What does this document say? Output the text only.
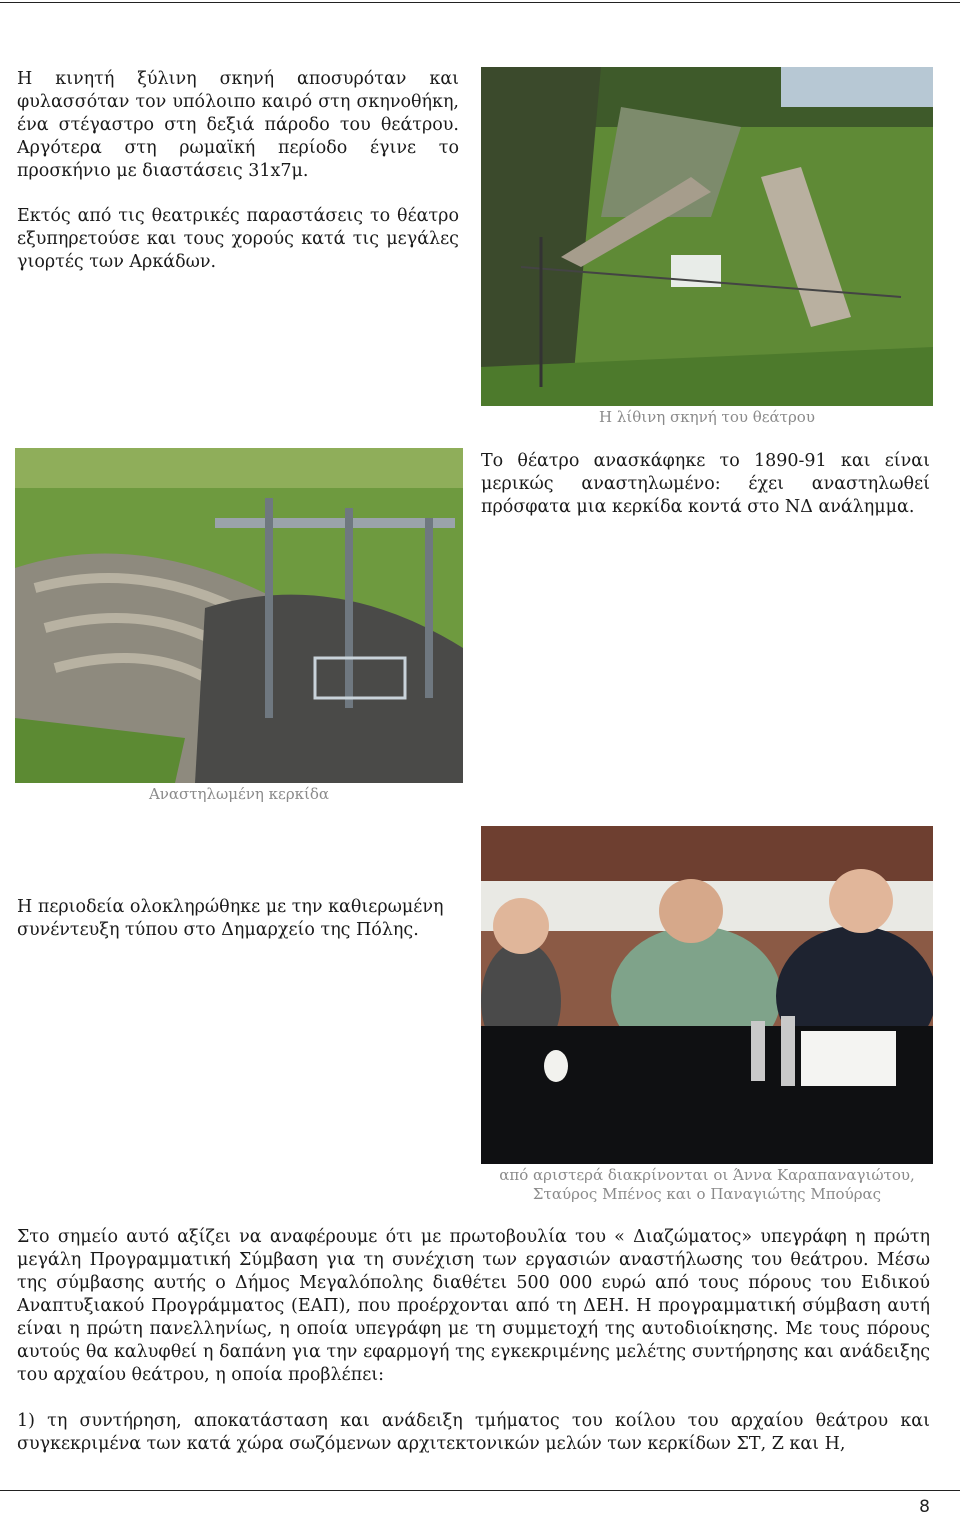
Η κινητή ξύλινη σκηνή αποσυρόταν και φυλασσόταν τον υπόλοιπο καιρό στη σκηνοθήκη, ένα στέγαστρο στη δεξιά πάροδο του θεάτρου. Αργότερα στη ρωμαϊκή περίοδο έγινε το προσκήνιο με διαστάσεις 31x7μ.

Εκτός από τις θεατρικές παραστάσεις το θέατρο εξυπηρετούσε και τους χορούς κατά τις μεγάλες γιορτές των Αρκάδων.

Η λίθινη σκηνή του θεάτρου

Αναστηλωμένη κερκίδα

Το θέατρο ανασκάφηκε το 1890-91 και είναι μερικώς αναστηλωμένο: έχει αναστηλωθεί πρόσφατα μια κερκίδα κοντά στο ΝΔ ανάλημμα.

Η περιοδεία ολοκληρώθηκε με την καθιερωμένη συνέντευξη τύπου στο Δημαρχείο της Πόλης.

από αριστερά διακρίνονται οι Άννα Καραπαναγιώτου,
Σταύρος Μπένος και ο Παναγιώτης Μπούρας

Στο σημείο αυτό αξίζει να αναφέρουμε ότι με πρωτοβουλία του « Διαζώματος» υπεγράφη η πρώτη μεγάλη Προγραμματική Σύμβαση για τη συνέχιση των εργασιών αναστήλωσης του θεάτρου. Μέσω της σύμβασης αυτής ο Δήμος Μεγαλόπολης διαθέτει 500 000 ευρώ από τους πόρους του Ειδικού Αναπτυξιακού Προγράμματος (ΕΑΠ), που προέρχονται από τη ΔΕΗ. Η προγραμματική σύμβαση αυτή είναι η πρώτη πανελληνίως, η οποία υπεγράφη με τη συμμετοχή της αυτοδιοίκησης. Με τους πόρους αυτούς θα καλυφθεί η δαπάνη για την εφαρμογή της εγκεκριμένης μελέτης συντήρησης και ανάδειξης του αρχαίου θεάτρου, η οποία προβλέπει:

1) τη συντήρηση, αποκατάσταση και ανάδειξη τμήματος του κοίλου του αρχαίου θεάτρου και συγκεκριμένα των κατά χώρα σωζόμενων αρχιτεκτονικών μελών των κερκίδων ΣΤ, Ζ και Η,

8
